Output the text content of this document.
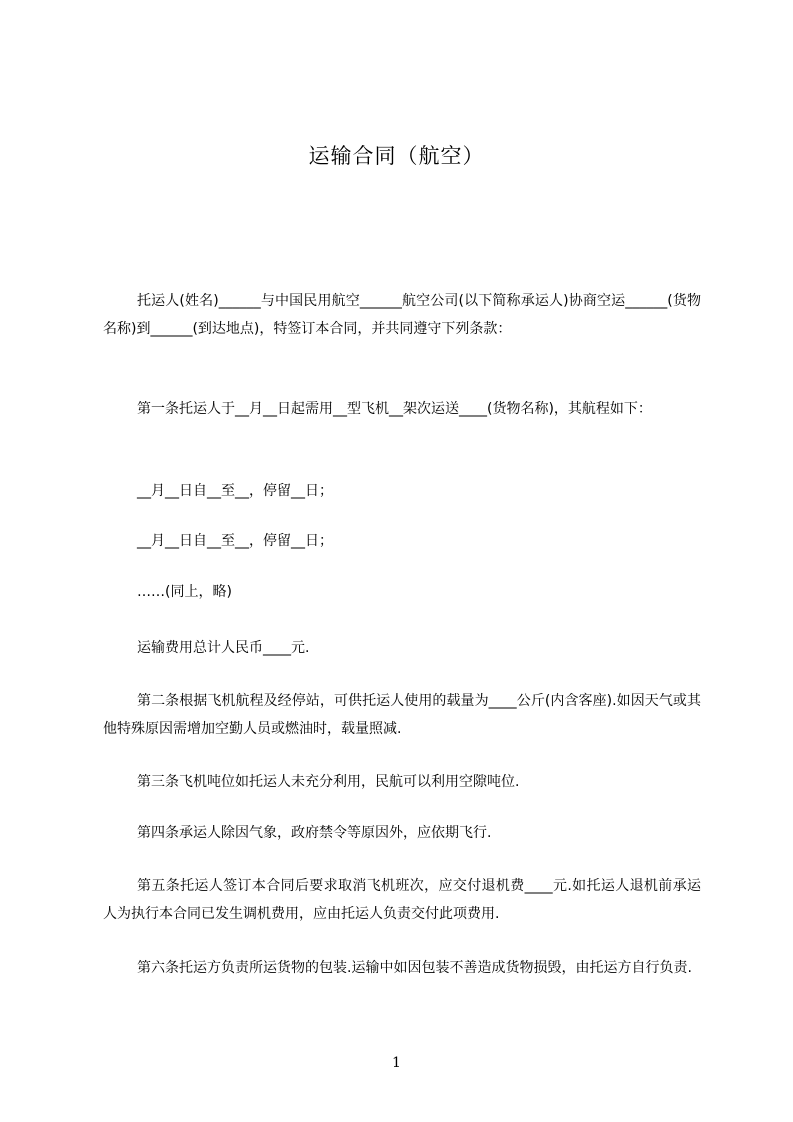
运输合同（航空）

托运人(姓名)______与中国民用航空______航空公司(以下简称承运人)协商空运______(货物名称)到______(到达地点)，特签订本合同，并共同遵守下列条款：

第一条托运人于__月__日起需用__型飞机__架次运送____(货物名称)，其航程如下：

__月__日自__至__，停留__日；

__月__日自__至__，停留__日；

……(同上，略)

运输费用总计人民币____元.

第二条根据飞机航程及经停站，可供托运人使用的载量为____公斤(内含客座).如因天气或其他特殊原因需增加空勤人员或燃油时，载量照减.

第三条飞机吨位如托运人未充分利用，民航可以利用空隙吨位.

第四条承运人除因气象，政府禁令等原因外，应依期飞行.

第五条托运人签订本合同后要求取消飞机班次，应交付退机费____元.如托运人退机前承运人为执行本合同已发生调机费用，应由托运人负责交付此项费用.

第六条托运方负责所运货物的包装.运输中如因包装不善造成货物损毁，由托运方自行负责.

1
